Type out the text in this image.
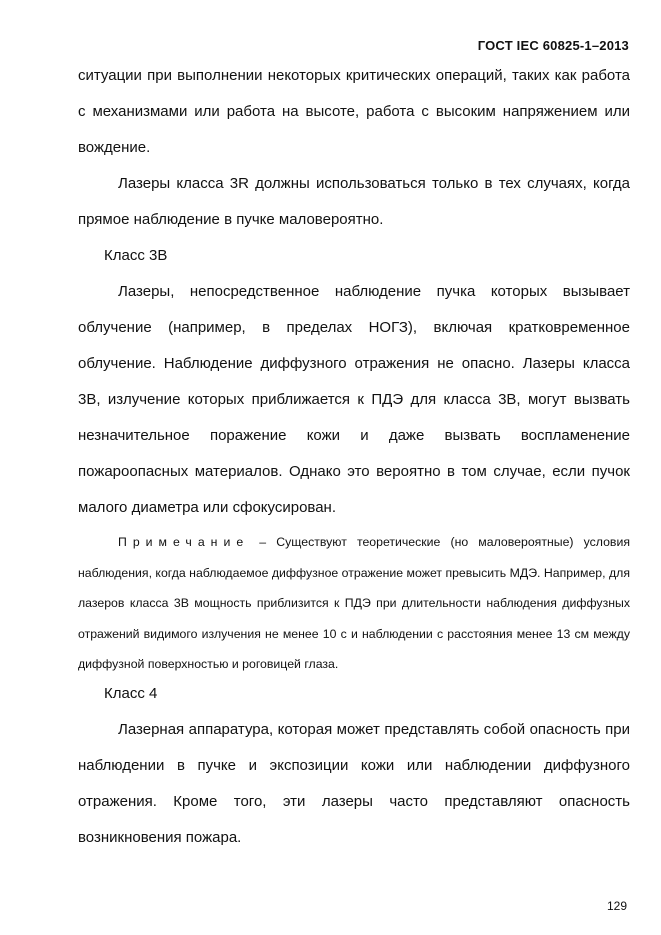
ГОСТ IEC 60825-1–2013

ситуации при выполнении некоторых критических операций, таких как работа с механизмами или работа на высоте, работа с высоким напряжением или вождение.

Лазеры класса 3R должны использоваться только в тех случаях, когда прямое наблюдение в пучке маловероятно.

Класс 3В

Лазеры, непосредственное наблюдение пучка которых вызывает облучение (например, в пределах НОГЗ), включая кратковременное облучение. Наблюдение диффузного отражения не опасно. Лазеры класса 3В, излучение которых приближается к ПДЭ для класса 3В, могут вызвать незначительное поражение кожи и даже вызвать воспламенение пожароопасных материалов. Однако это вероятно в том случае, если пучок малого диаметра или сфокусирован.

Примечание – Существуют теоретические (но маловероятные) условия наблюдения, когда наблюдаемое диффузное отражение может превысить МДЭ. Например, для лазеров класса 3В мощность приблизится к ПДЭ при длительности наблюдения диффузных отражений видимого излучения не менее 10 с и наблюдении с расстояния менее 13 см между диффузной поверхностью и роговицей глаза.

Класс 4

Лазерная аппаратура, которая может представлять собой опасность при наблюдении в пучке и экспозиции кожи или наблюдении диффузного отражения. Кроме того, эти лазеры часто представляют опасность возникновения пожара.

129
